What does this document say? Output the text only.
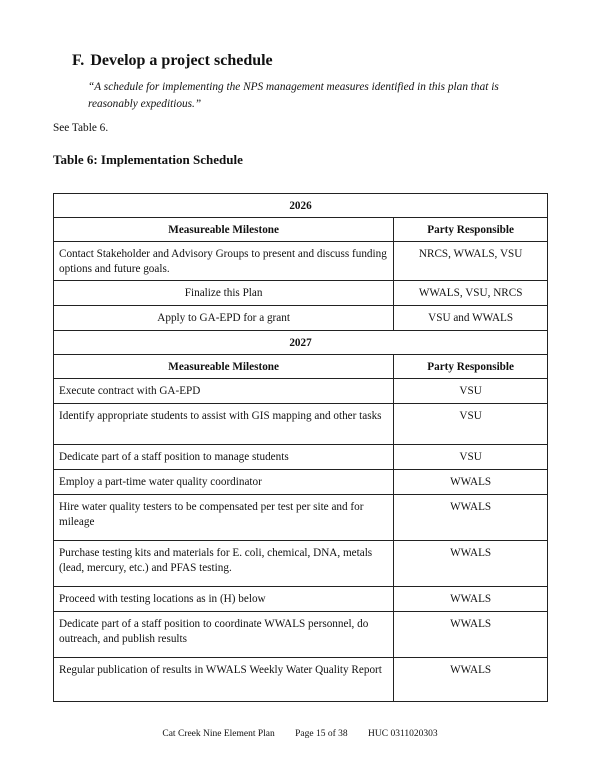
F. Develop a project schedule

“A schedule for implementing the NPS management measures identified in this plan that is reasonably expeditious.”

See Table 6.

Table 6: Implementation Schedule

2026	
Measureable Milestone	Party Responsible
Contact Stakeholder and Advisory Groups to present and discuss funding options and future goals.	NRCS, WWALS, VSU
Finalize this Plan	WWALS, VSU, NRCS
Apply to GA-EPD for a grant	VSU and WWALS
2027	
Measureable Milestone	Party Responsible
Execute contract with GA-EPD	VSU
Identify appropriate students to assist with GIS mapping and other tasks	VSU
Dedicate part of a staff position to manage students	VSU
Employ a part-time water quality coordinator	WWALS
Hire water quality testers to be compensated per test per site and for mileage	WWALS
Purchase testing kits and materials for E. coli, chemical, DNA, metals (lead, mercury, etc.) and PFAS testing.	WWALS
Proceed with testing locations as in (H) below	WWALS
Dedicate part of a staff position to coordinate WWALS personnel, do outreach, and publish results	WWALS
Regular publication of results in WWALS Weekly Water Quality Report	WWALS
Cat Creek Nine Element Plan Page 15 of 38 HUC 0311020303
